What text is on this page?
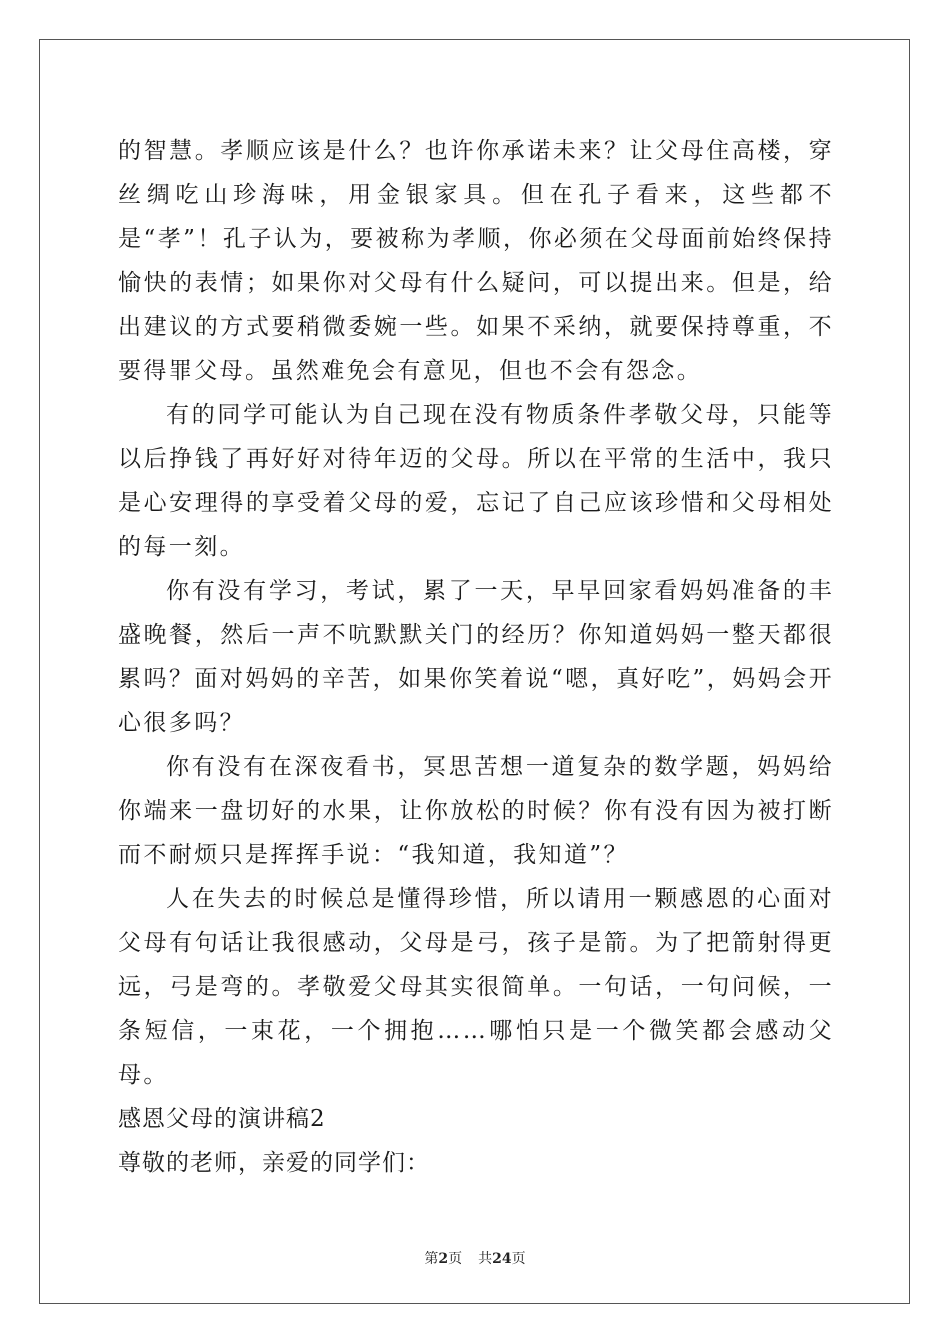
的智慧。孝顺应该是什么？也许你承诺未来？让父母住高楼，穿丝绸吃山珍海味，用金银家具。但在孔子看来，这些都不是“孝”！孔子认为，要被称为孝顺，你必须在父母面前始终保持愉快的表情；如果你对父母有什么疑问，可以提出来。但是，给出建议的方式要稍微委婉一些。如果不采纳，就要保持尊重，不要得罪父母。虽然难免会有意见，但也不会有怨念。

有的同学可能认为自己现在没有物质条件孝敬父母，只能等以后挣钱了再好好对待年迈的父母。所以在平常的生活中，我只是心安理得的享受着父母的爱，忘记了自己应该珍惜和父母相处的每一刻。

你有没有学习，考试，累了一天，早早回家看妈妈准备的丰盛晚餐，然后一声不吭默默关门的经历？你知道妈妈一整天都很累吗？面对妈妈的辛苦，如果你笑着说“嗯，真好吃”，妈妈会开心很多吗？

你有没有在深夜看书，冥思苦想一道复杂的数学题，妈妈给你端来一盘切好的水果，让你放松的时候？你有没有因为被打断而不耐烦只是挥挥手说：“我知道，我知道”？

人在失去的时候总是懂得珍惜，所以请用一颗感恩的心面对父母有句话让我很感动，父母是弓，孩子是箭。为了把箭射得更远，弓是弯的。孝敬爱父母其实很简单。一句话，一句问候，一条短信，一束花，一个拥抱……哪怕只是一个微笑都会感动父母。

感恩父母的演讲稿2

尊敬的老师，亲爱的同学们：

第2页 共24页
